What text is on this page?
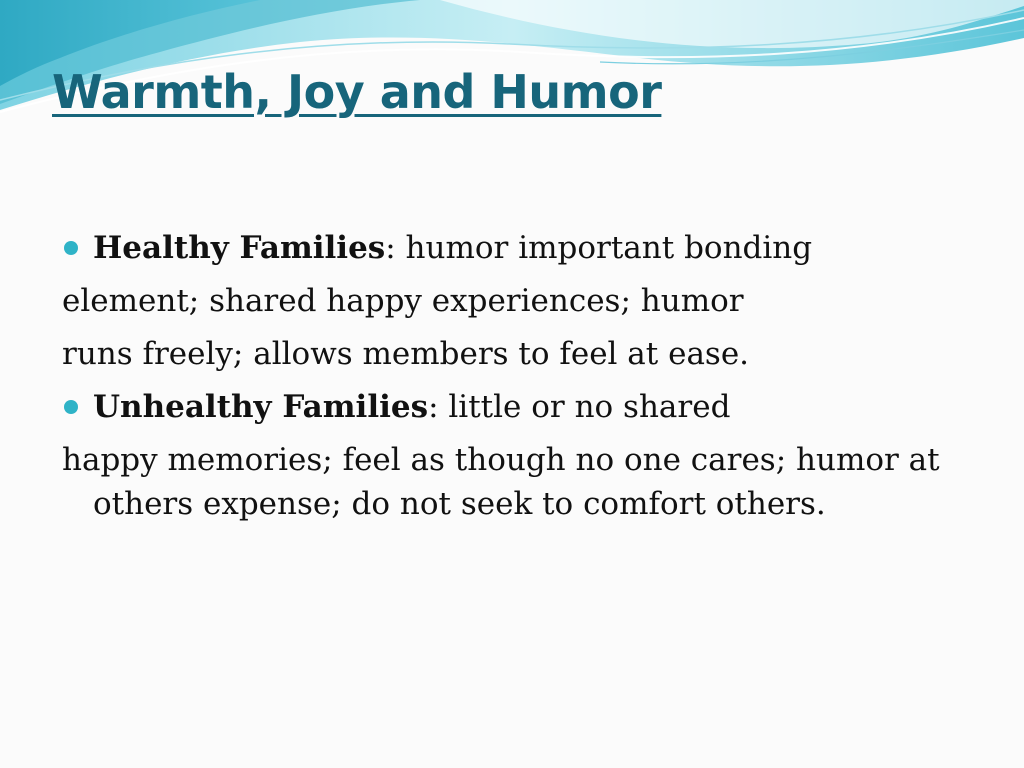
Warmth, Joy and Humor
Healthy Families: humor important bonding
element; shared happy experiences; humor
runs freely; allows members to feel at ease.
Unhealthy Families: little or no shared
happy memories; feel as though no one cares; humor at others expense; do not seek to comfort others.
